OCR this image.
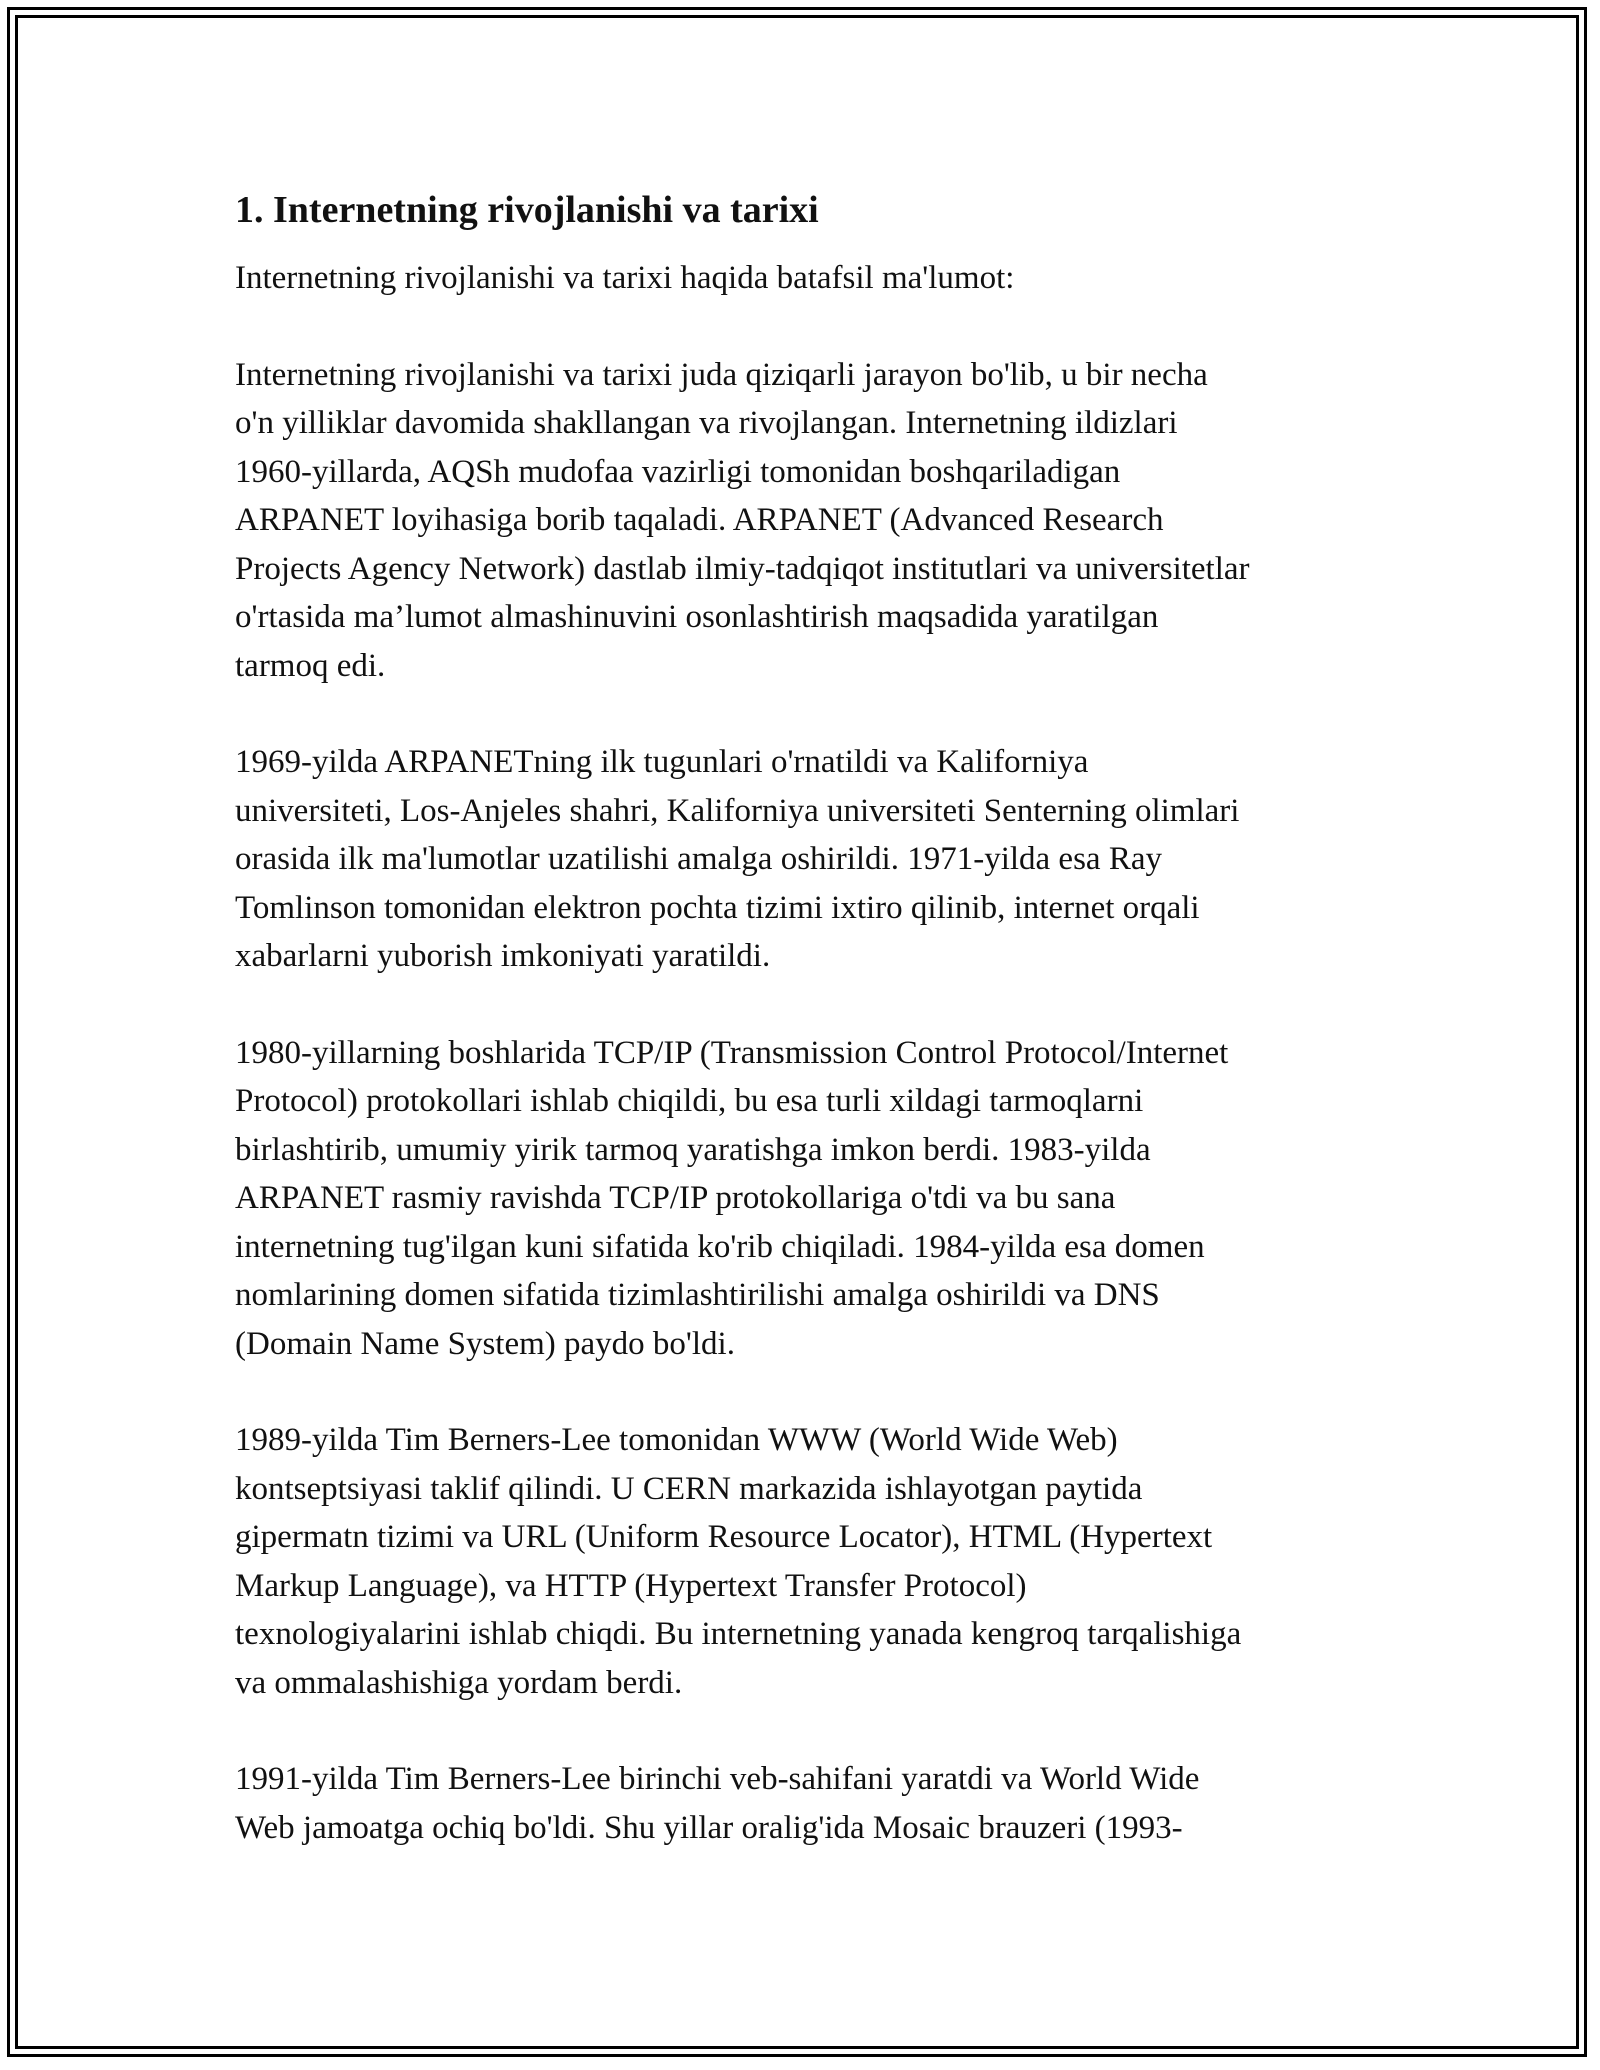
1. Internetning rivojlanishi va tarixi

Internetning rivojlanishi va tarixi haqida batafsil ma'lumot:

Internetning rivojlanishi va tarixi juda qiziqarli jarayon bo'lib, u bir necha
o'n yilliklar davomida shakllangan va rivojlangan. Internetning ildizlari
1960-yillarda, AQSh mudofaa vazirligi tomonidan boshqariladigan
ARPANET loyihasiga borib taqaladi. ARPANET (Advanced Research
Projects Agency Network) dastlab ilmiy-tadqiqot institutlari va universitetlar
o'rtasida ma’lumot almashinuvini osonlashtirish maqsadida yaratilgan
tarmoq edi.

1969-yilda ARPANETning ilk tugunlari o'rnatildi va Kaliforniya
universiteti, Los-Anjeles shahri, Kaliforniya universiteti Senterning olimlari
orasida ilk ma'lumotlar uzatilishi amalga oshirildi. 1971-yilda esa Ray
Tomlinson tomonidan elektron pochta tizimi ixtiro qilinib, internet orqali
xabarlarni yuborish imkoniyati yaratildi.

1980-yillarning boshlarida TCP/IP (Transmission Control Protocol/Internet
Protocol) protokollari ishlab chiqildi, bu esa turli xildagi tarmoqlarni
birlashtirib, umumiy yirik tarmoq yaratishga imkon berdi. 1983-yilda
ARPANET rasmiy ravishda TCP/IP protokollariga o'tdi va bu sana
internetning tug'ilgan kuni sifatida ko'rib chiqiladi. 1984-yilda esa domen
nomlarining domen sifatida tizimlashtirilishi amalga oshirildi va DNS
(Domain Name System) paydo bo'ldi.

1989-yilda Tim Berners-Lee tomonidan WWW (World Wide Web)
kontseptsiyasi taklif qilindi. U CERN markazida ishlayotgan paytida
gipermatn tizimi va URL (Uniform Resource Locator), HTML (Hypertext
Markup Language), va HTTP (Hypertext Transfer Protocol)
texnologiyalarini ishlab chiqdi. Bu internetning yanada kengroq tarqalishiga
va ommalashishiga yordam berdi.

1991-yilda Tim Berners-Lee birinchi veb-sahifani yaratdi va World Wide
Web jamoatga ochiq bo'ldi. Shu yillar oralig'ida Mosaic brauzeri (1993-
